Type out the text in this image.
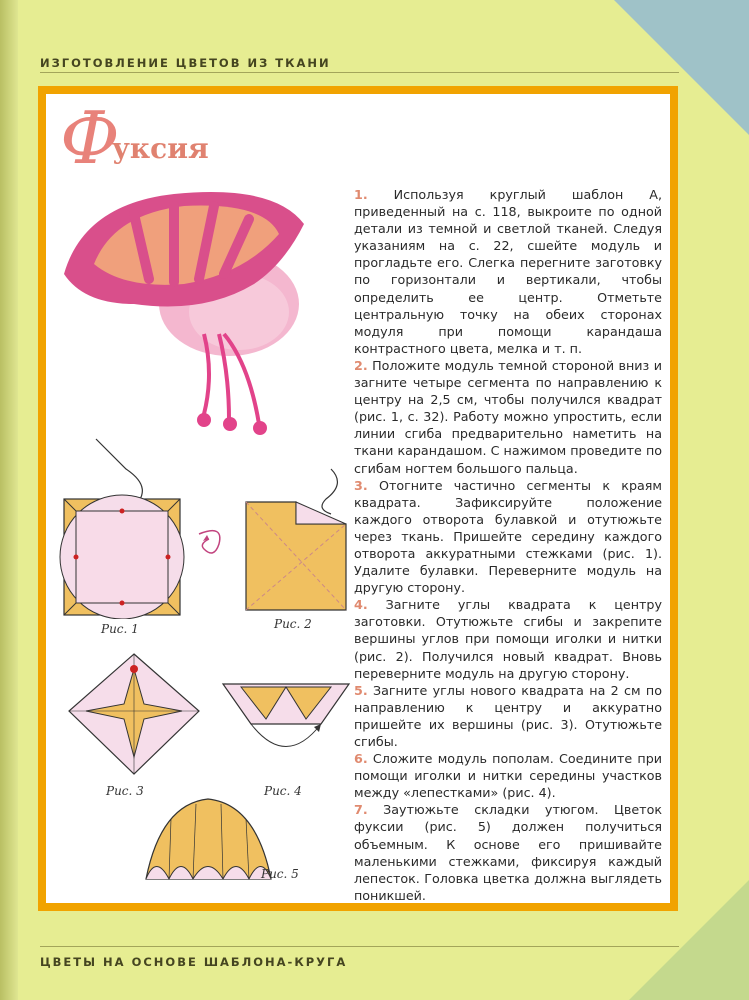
ИЗГОТОВЛЕНИЕ ЦВЕТОВ ИЗ ТКАНИ
Ф
уксия
Рис. 1	Рис. 2
Рис. 3	Рис. 4
Рис. 5

1. Используя круглый шаблон А, приведенный на с. 118, выкроите по одной детали из темной и светлой тканей. Следуя указаниям на с. 22, сшейте модуль и прогладьте его. Слегка перегните заготовку по горизонтали и вертикали, чтобы определить ее центр. Отметьте центральную точку на обеих сторонах модуля при помощи карандаша контрастного цвета, мелка и т. п.

2. Положите модуль темной стороной вниз и загните четыре сегмента по направлению к центру на 2,5 см, чтобы получился квадрат (рис. 1, с. 32). Работу можно упростить, если линии сгиба предварительно наметить на ткани карандашом. С нажимом проведите по сгибам ногтем большого пальца.

3. Отогните частично сегменты к краям квадрата. Зафиксируйте положение каждого отворота булавкой и отутюжьте через ткань. Пришейте середину каждого отворота аккуратными стежками (рис. 1). Удалите булавки. Переверните модуль на другую сторону.

4. Загните углы квадрата к центру заготовки. Отутюжьте сгибы и закрепите вершины углов при помощи иголки и нитки (рис. 2). Получился новый квадрат. Вновь переверните модуль на другую сторону.

5. Загните углы нового квадрата на 2 см по направлению к центру и аккуратно пришейте их вершины (рис. 3). Отутюжьте сгибы.

6. Сложите модуль пополам. Соедините при помощи иголки и нитки середины участков между «лепестками» (рис. 4).

7. Заутюжьте складки утюгом. Цветок фуксии (рис. 5) должен получиться объемным. К основе его пришивайте маленькими стежками, фиксируя каждый лепесток. Головка цветка должна выглядеть поникшей.

ЦВЕТЫ НА ОСНОВЕ ШАБЛОНА-КРУГА
